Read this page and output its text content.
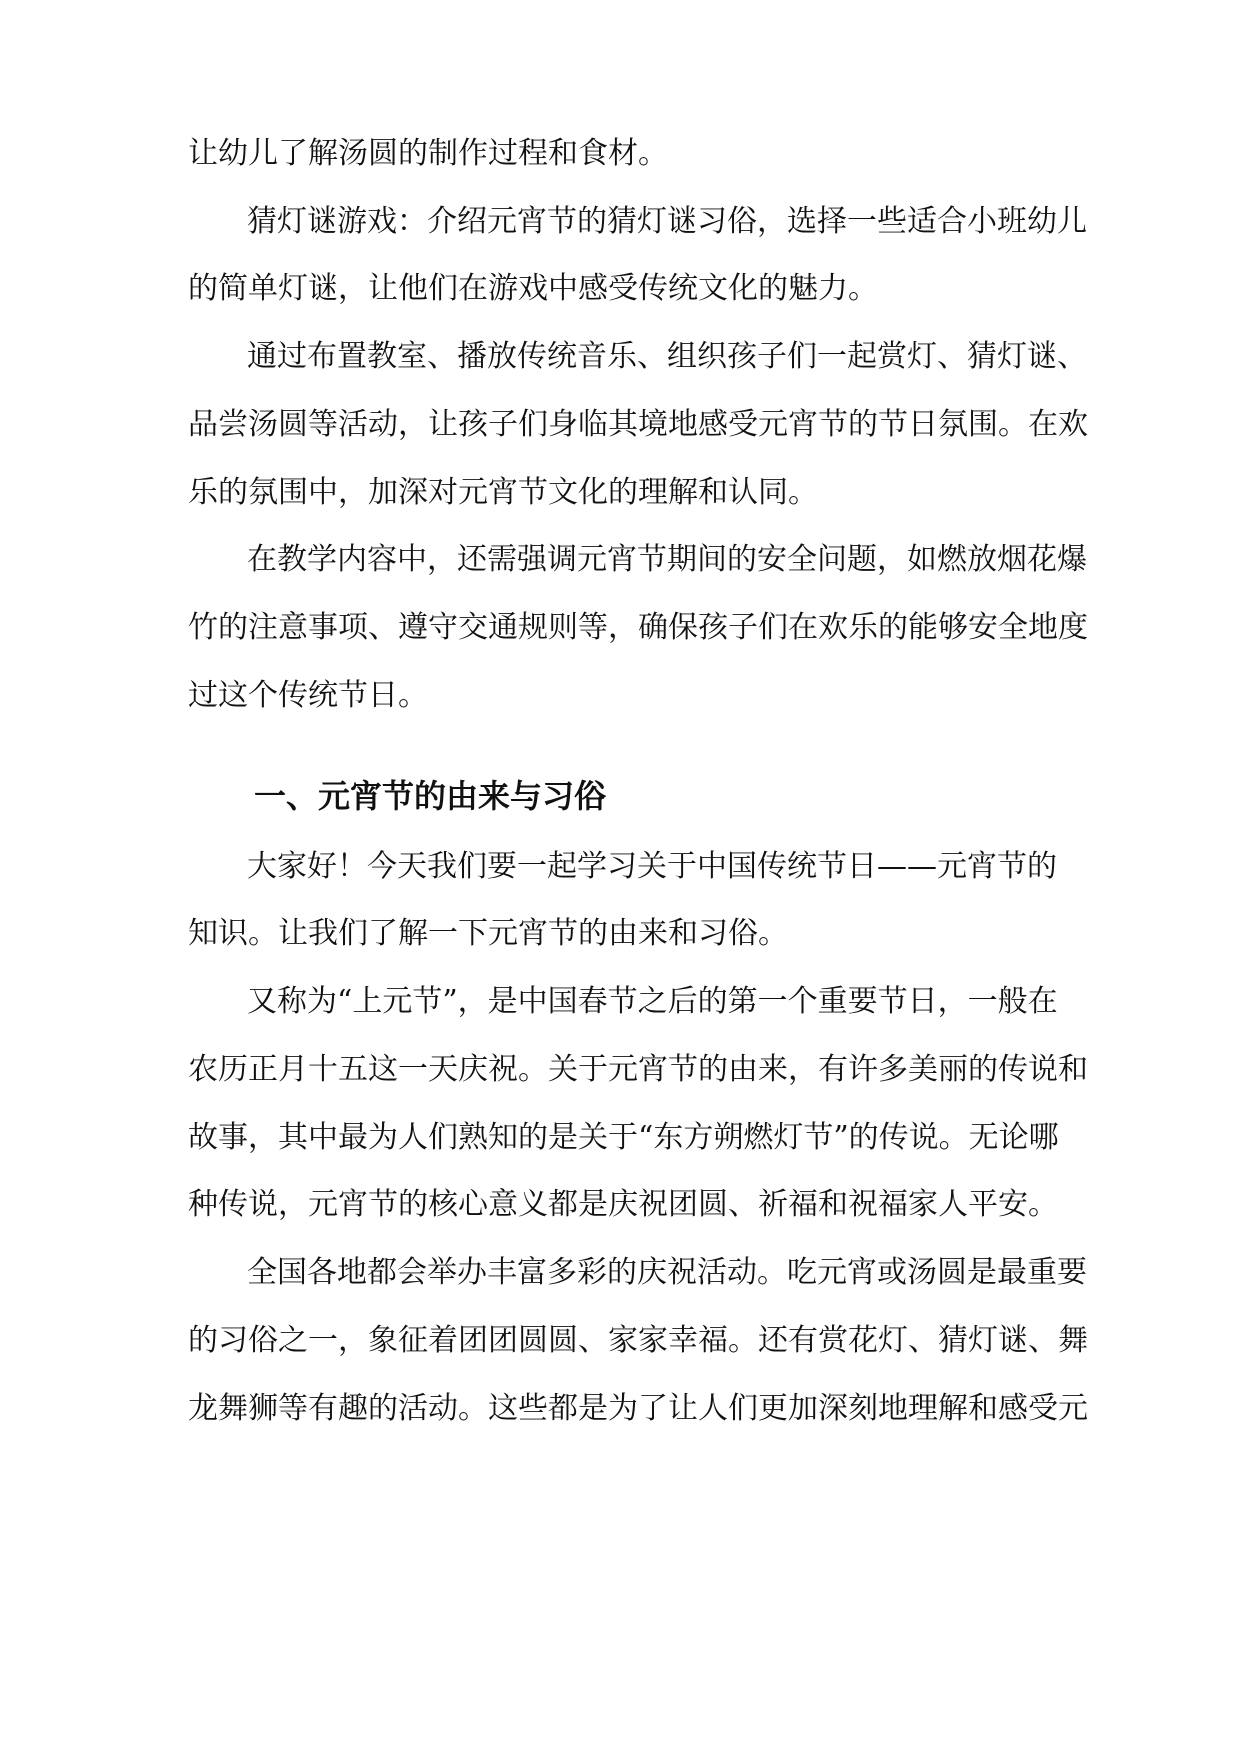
让幼儿了解汤圆的制作过程和食材。

猜灯谜游戏：介绍元宵节的猜灯谜习俗，选择一些适合小班幼儿

的简单灯谜，让他们在游戏中感受传统文化的魅力。

通过布置教室、播放传统音乐、组织孩子们一起赏灯、猜灯谜、

品尝汤圆等活动，让孩子们身临其境地感受元宵节的节日氛围。在欢

乐的氛围中，加深对元宵节文化的理解和认同。

在教学内容中，还需强调元宵节期间的安全问题，如燃放烟花爆

竹的注意事项、遵守交通规则等，确保孩子们在欢乐的能够安全地度

过这个传统节日。

一、元宵节的由来与习俗

大家好！今天我们要一起学习关于中国传统节日——元宵节的

知识。让我们了解一下元宵节的由来和习俗。

又称为“上元节”，是中国春节之后的第一个重要节日，一般在

农历正月十五这一天庆祝。关于元宵节的由来，有许多美丽的传说和

故事，其中最为人们熟知的是关于“东方朔燃灯节”的传说。无论哪

种传说，元宵节的核心意义都是庆祝团圆、祈福和祝福家人平安。

全国各地都会举办丰富多彩的庆祝活动。吃元宵或汤圆是最重要

的习俗之一，象征着团团圆圆、家家幸福。还有赏花灯、猜灯谜、舞

龙舞狮等有趣的活动。这些都是为了让人们更加深刻地理解和感受元
